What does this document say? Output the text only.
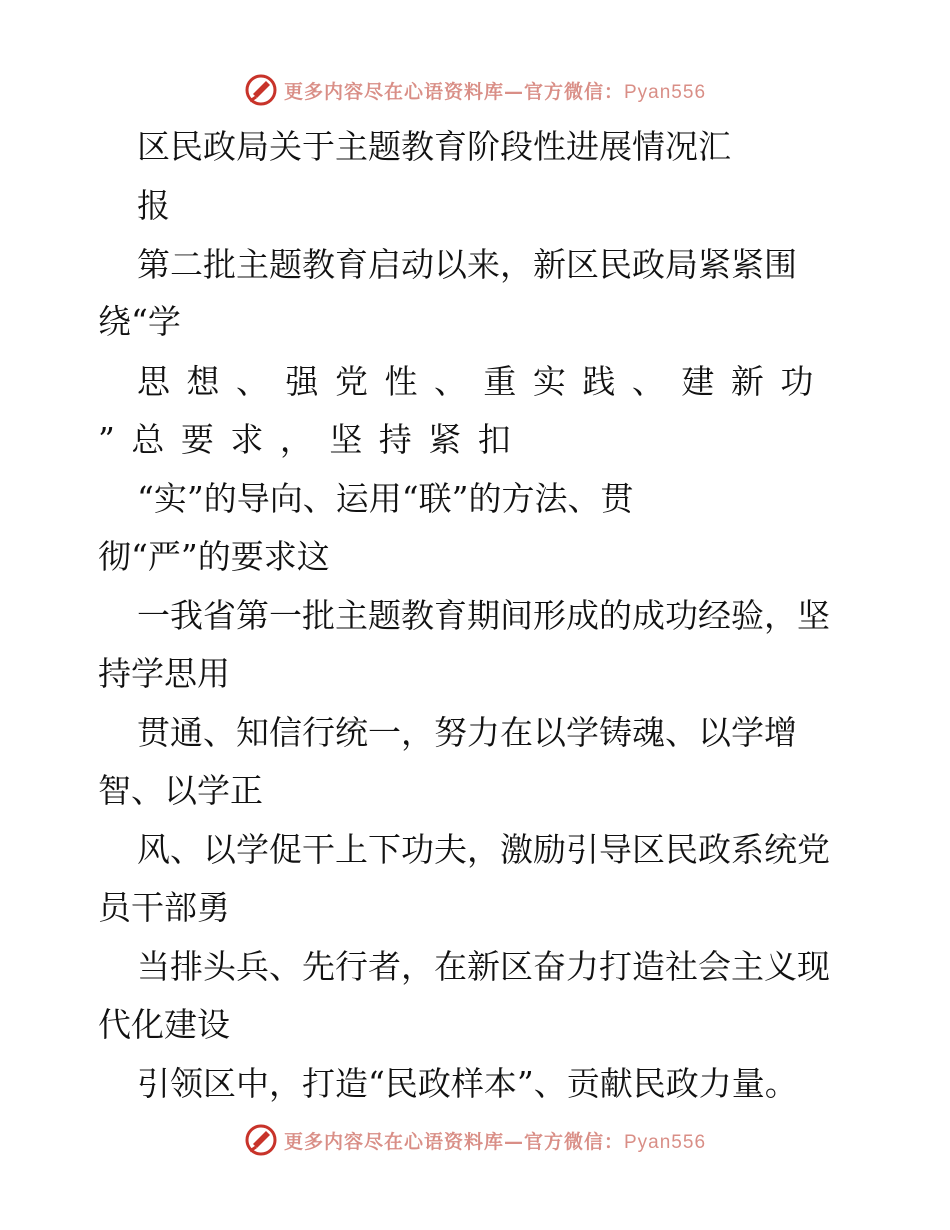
更多内容尽在心语资料库—官方微信：Pyan556
区民政局关于主题教育阶段性进展情况汇
报
第二批主题教育启动以来，新区民政局紧紧围
绕“学
思 想 、 强 党 性 、 重 实 践 、 建 新 功
” 总 要 求 ， 坚 持 紧 扣
“实”的导向、运用“联”的方法、贯
彻“严”的要求这
一我省第一批主题教育期间形成的成功经验，坚
持学思用
贯通、知信行统一，努力在以学铸魂、以学增
智、以学正
风、以学促干上下功夫，激励引导区民政系统党
员干部勇
当排头兵、先行者，在新区奋力打造社会主义现
代化建设
引领区中，打造“民政样本”、贡献民政力量。
更多内容尽在心语资料库—官方微信：Pyan556
